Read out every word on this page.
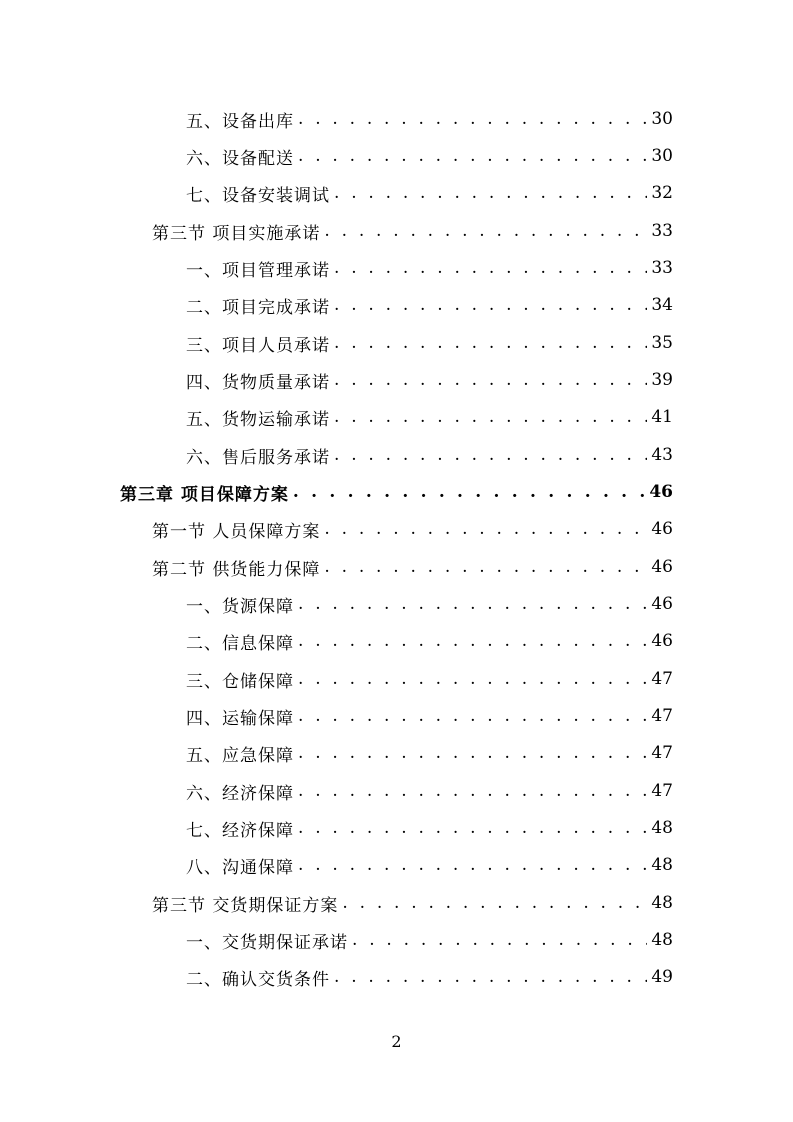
五、设备出库 . . .	30
六、设备配送 . . .	30
七、设备安装调试 . . .	32
第三节 项目实施承诺 . . .	33
一、项目管理承诺 . . .	33
二、项目完成承诺 . . .	34
三、项目人员承诺 . . .	35
四、货物质量承诺 . . .	39
五、货物运输承诺 . . .	41
六、售后服务承诺 . . .	43
第三章 项目保障方案 . . .	46
第一节 人员保障方案 . . .	46
第二节 供货能力保障 . . .	46
一、货源保障 . . .	46
二、信息保障 . . .	46
三、仓储保障 . . .	47
四、运输保障 . . .	47
五、应急保障 . . .	47
六、经济保障 . . .	47
七、经济保障 . . .	48
八、沟通保障 . . .	48
第三节 交货期保证方案 . . .	48
一、交货期保证承诺 . . .	48
二、确认交货条件 . . .	49
2
